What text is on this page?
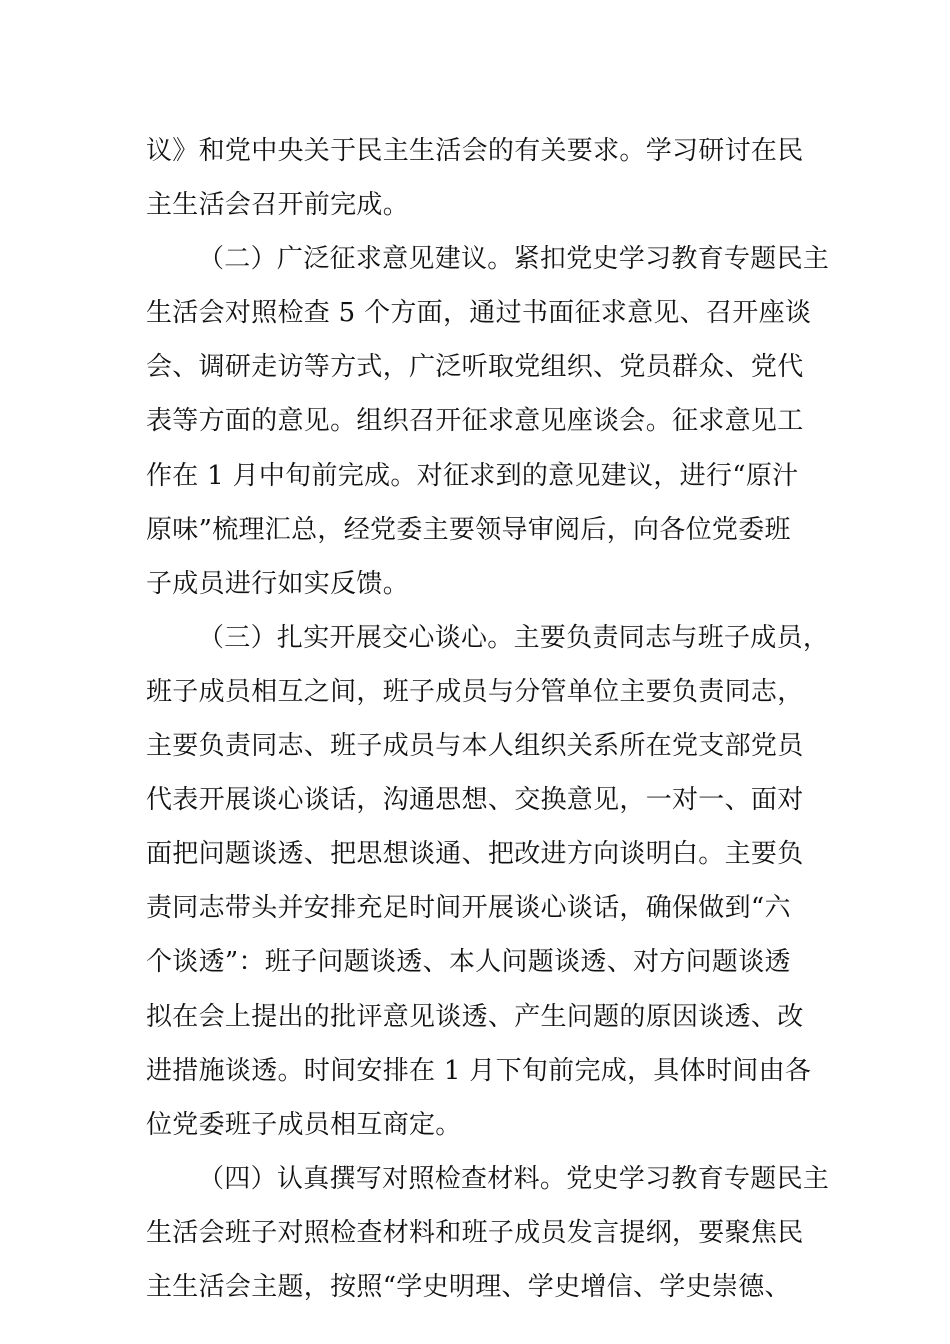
议》和党中央关于民主生活会的有关要求。学习研讨在民
主生活会召开前完成。
（二）广泛征求意见建议。紧扣党史学习教育专题民主
生活会对照检查 5 个方面，通过书面征求意见、召开座谈
会、调研走访等方式，广泛听取党组织、党员群众、党代
表等方面的意见。组织召开征求意见座谈会。征求意见工
作在 1 月中旬前完成。对征求到的意见建议，进行“原汁
原味”梳理汇总，经党委主要领导审阅后，向各位党委班
子成员进行如实反馈。
（三）扎实开展交心谈心。主要负责同志与班子成员，
班子成员相互之间，班子成员与分管单位主要负责同志，
主要负责同志、班子成员与本人组织关系所在党支部党员
代表开展谈心谈话，沟通思想、交换意见，一对一、面对
面把问题谈透、把思想谈通、把改进方向谈明白。主要负
责同志带头并安排充足时间开展谈心谈话，确保做到“六
个谈透”：班子问题谈透、本人问题谈透、对方问题谈透
拟在会上提出的批评意见谈透、产生问题的原因谈透、改
进措施谈透。时间安排在 1 月下旬前完成，具体时间由各
位党委班子成员相互商定。
（四）认真撰写对照检查材料。党史学习教育专题民主
生活会班子对照检查材料和班子成员发言提纲，要聚焦民
主生活会主题，按照“学史明理、学史增信、学史崇德、
